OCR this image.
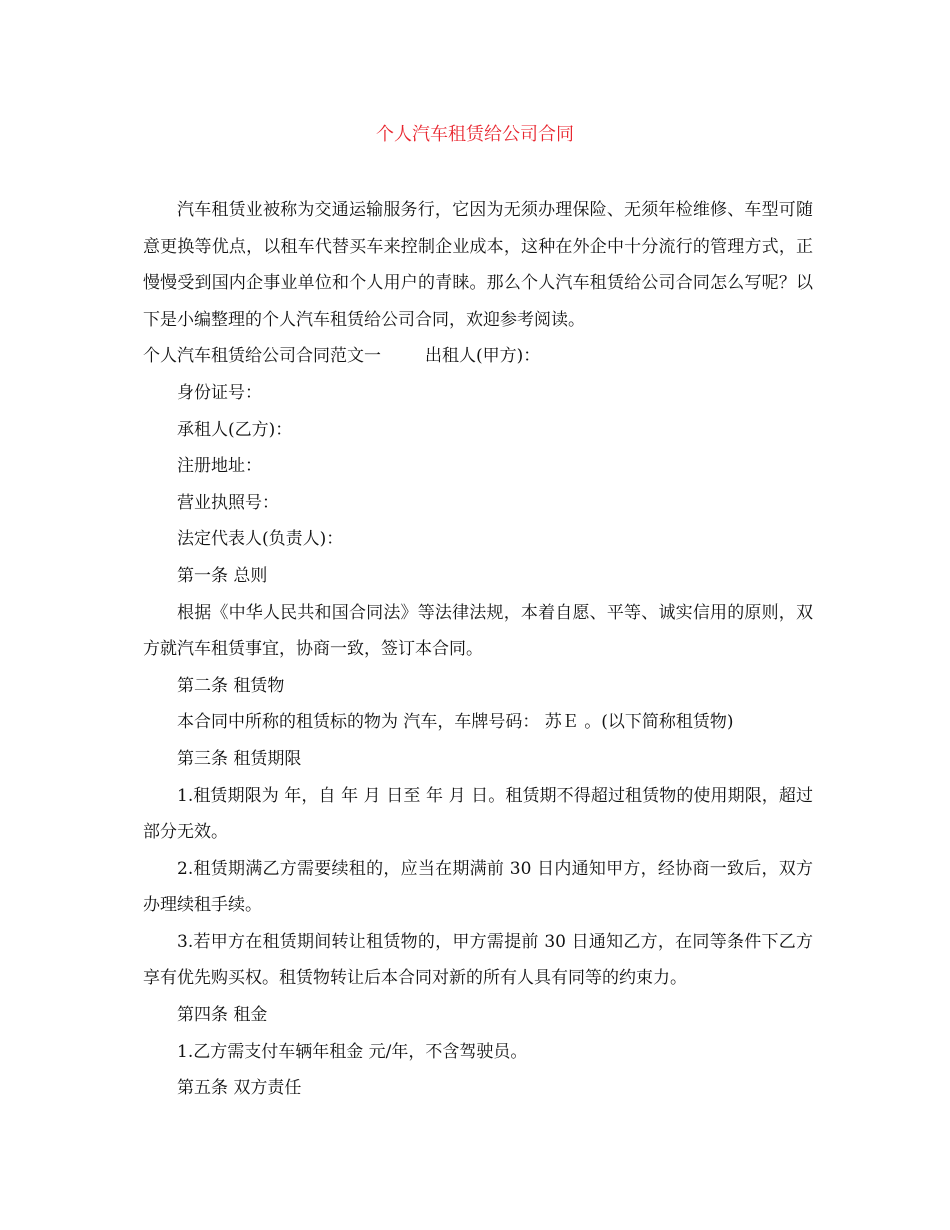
个人汽车租赁给公司合同

汽车租赁业被称为交通运输服务行，它因为无须办理保险、无须年检维修、车型可随意更换等优点，以租车代替买车来控制企业成本，这种在外企中十分流行的管理方式，正慢慢受到国内企事业单位和个人用户的青睐。那么个人汽车租赁给公司合同怎么写呢？以下是小编整理的个人汽车租赁给公司合同，欢迎参考阅读。

个人汽车租赁给公司合同范文一	出租人(甲方)：

身份证号：

承租人(乙方)：

注册地址：

营业执照号：

法定代表人(负责人)：

第一条 总则

根据《中华人民共和国合同法》等法律法规，本着自愿、平等、诚实信用的原则，双方就汽车租赁事宜，协商一致，签订本合同。

第二条 租赁物

本合同中所称的租赁标的物为 汽车，车牌号码： 苏Ｅ 。(以下简称租赁物)

第三条 租赁期限

1.租赁期限为 年，自 年 月 日至 年 月 日。租赁期不得超过租赁物的使用期限，超过部分无效。

2.租赁期满乙方需要续租的，应当在期满前 30 日内通知甲方，经协商一致后，双方办理续租手续。

3.若甲方在租赁期间转让租赁物的，甲方需提前 30 日通知乙方，在同等条件下乙方享有优先购买权。租赁物转让后本合同对新的所有人具有同等的约束力。

第四条 租金

1.乙方需支付车辆年租金 元/年，不含驾驶员。

第五条 双方责任
